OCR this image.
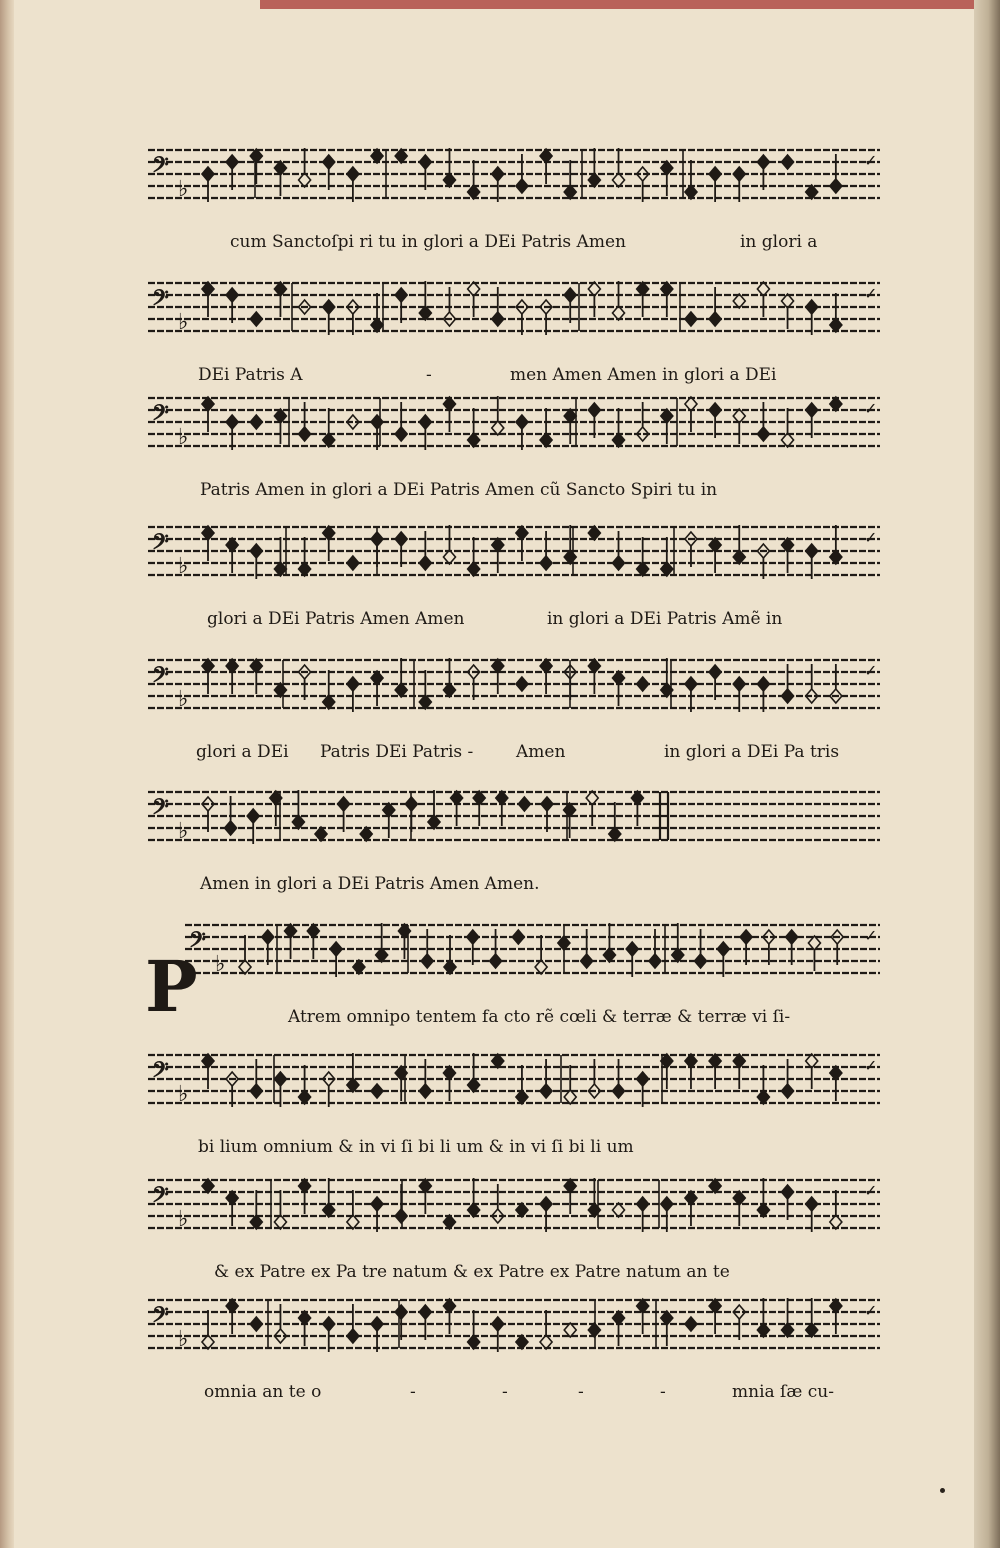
𝄢
♭
✓
cum Sanctoſpi ri tu in glori a DEi Patris Amen	in glori a
𝄢
♭
✓
DEi Patris A	-	men Amen Amen in glori a DEi
𝄢
♭
✓
Patris Amen in glori a DEi Patris Amen cũ Sancto Spiri tu in
𝄢
♭
✓
glori a DEi Patris Amen Amen	in glori a DEi Patris Amẽ in
𝄢
♭
✓
glori a DEi Patris DEi Patris -	Amen	in glori a DEi Pa tris
𝄢
♭
Amen in glori a DEi Patris Amen Amen.
𝄢
♭
✓
Atrem omnipo tentem fa cto rẽ cœli & terræ & terræ vi ſi-
𝄢
♭
✓
bi lium omnium & in vi ſi bi li um & in vi ſi bi li um
𝄢
♭
✓
& ex Patre ex Pa tre natum & ex Patre ex Patre natum an te
𝄢
♭
✓
omnia an te o	-	-	-	-	mnia ſæ cu-
P
